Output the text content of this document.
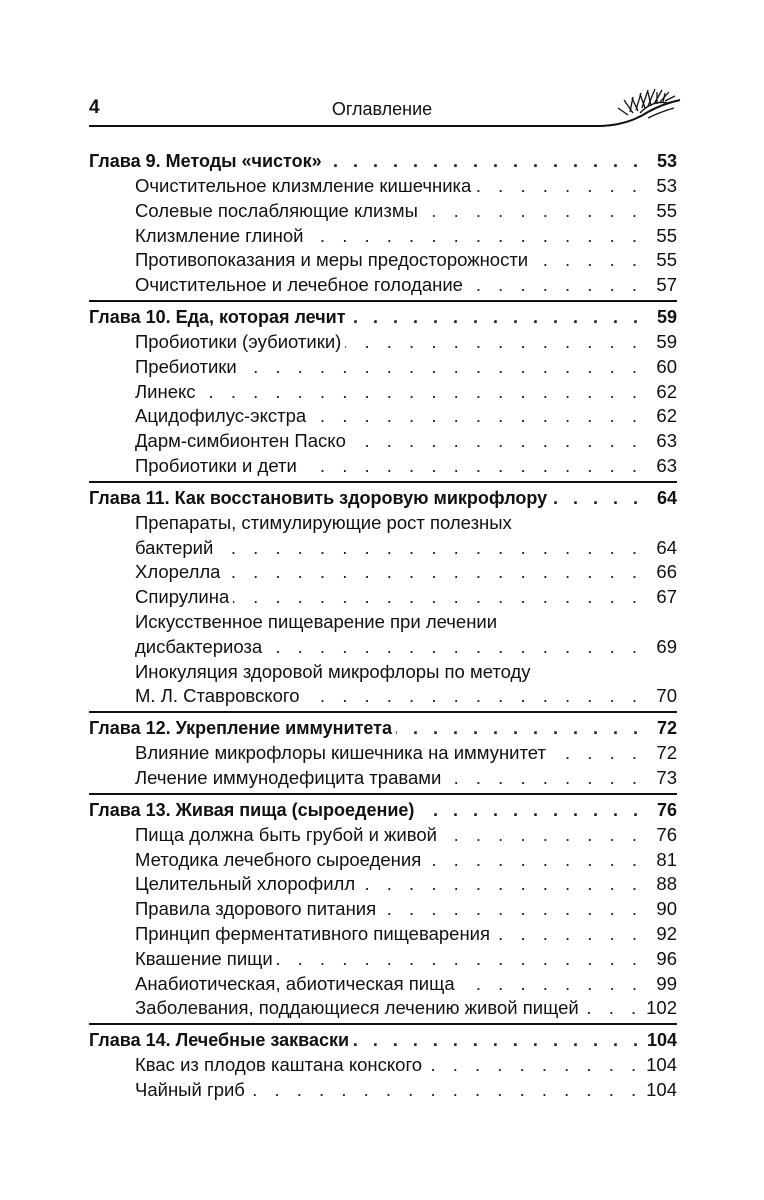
4	Оглавление
Глава 9. Методы «чисток» . . .	53
Очистительное клизмление кишечника . . .	53
Солевые послабляющие клизмы . . .	55
Клизмление глиной . . .	55
Противопоказания и меры предосторожности . . .	55
Очистительное и лечебное голодание . . .	57
Глава 10. Еда, которая лечит . . .	59
Пробиотики (эубиотики) . . .	59
Пребиотики . . .	60
Линекс . . .	62
Ацидофилус-экстра . . .	62
Дарм-симбионтен Паско . . .	63
Пробиотики и дети . . .	63
Глава 11. Как восстановить здоровую микрофлору . . .	64
Препараты, стимулирующие рост полезных
бактерий . . .	64
Хлорелла . . .	66
Спирулина . . .	67
Искусственное пищеварение при лечении
дисбактериоза . . .	69
Инокуляция здоровой микрофлоры по методу
М. Л. Ставровского . . .	70
Глава 12. Укрепление иммунитета . . .	72
Влияние микрофлоры кишечника на иммунитет . . .	72
Лечение иммунодефицита травами . . .	73
Глава 13. Живая пища (сыроедение) . . .	76
Пища должна быть грубой и живой . . .	76
Методика лечебного сыроедения . . .	81
Целительный хлорофилл . . .	88
Правила здорового питания . . .	90
Принцип ферментативного пищеварения . . .	92
Квашение пищи . . .	96
Анабиотическая, абиотическая пища . . .	99
Заболевания, поддающиеся лечению живой пищей . . .	102
Глава 14. Лечебные закваски . . .	104
Квас из плодов каштана конского . . .	104
Чайный гриб . . .	104
